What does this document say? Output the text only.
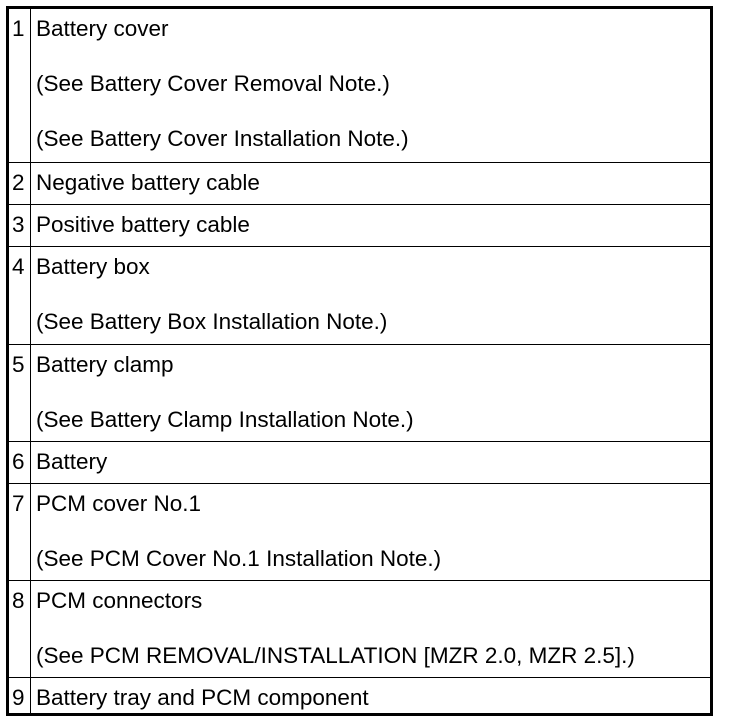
1 Battery cover
(See Battery Cover Removal Note.)
(See Battery Cover Installation Note.)
2 Negative battery cable
3 Positive battery cable
4 Battery box
(See Battery Box Installation Note.)
5 Battery clamp
(See Battery Clamp Installation Note.)
6 Battery
7 PCM cover No.1
(See PCM Cover No.1 Installation Note.)
8 PCM connectors
(See PCM REMOVAL/INSTALLATION [MZR 2.0, MZR 2.5].)
9 Battery tray and PCM component
